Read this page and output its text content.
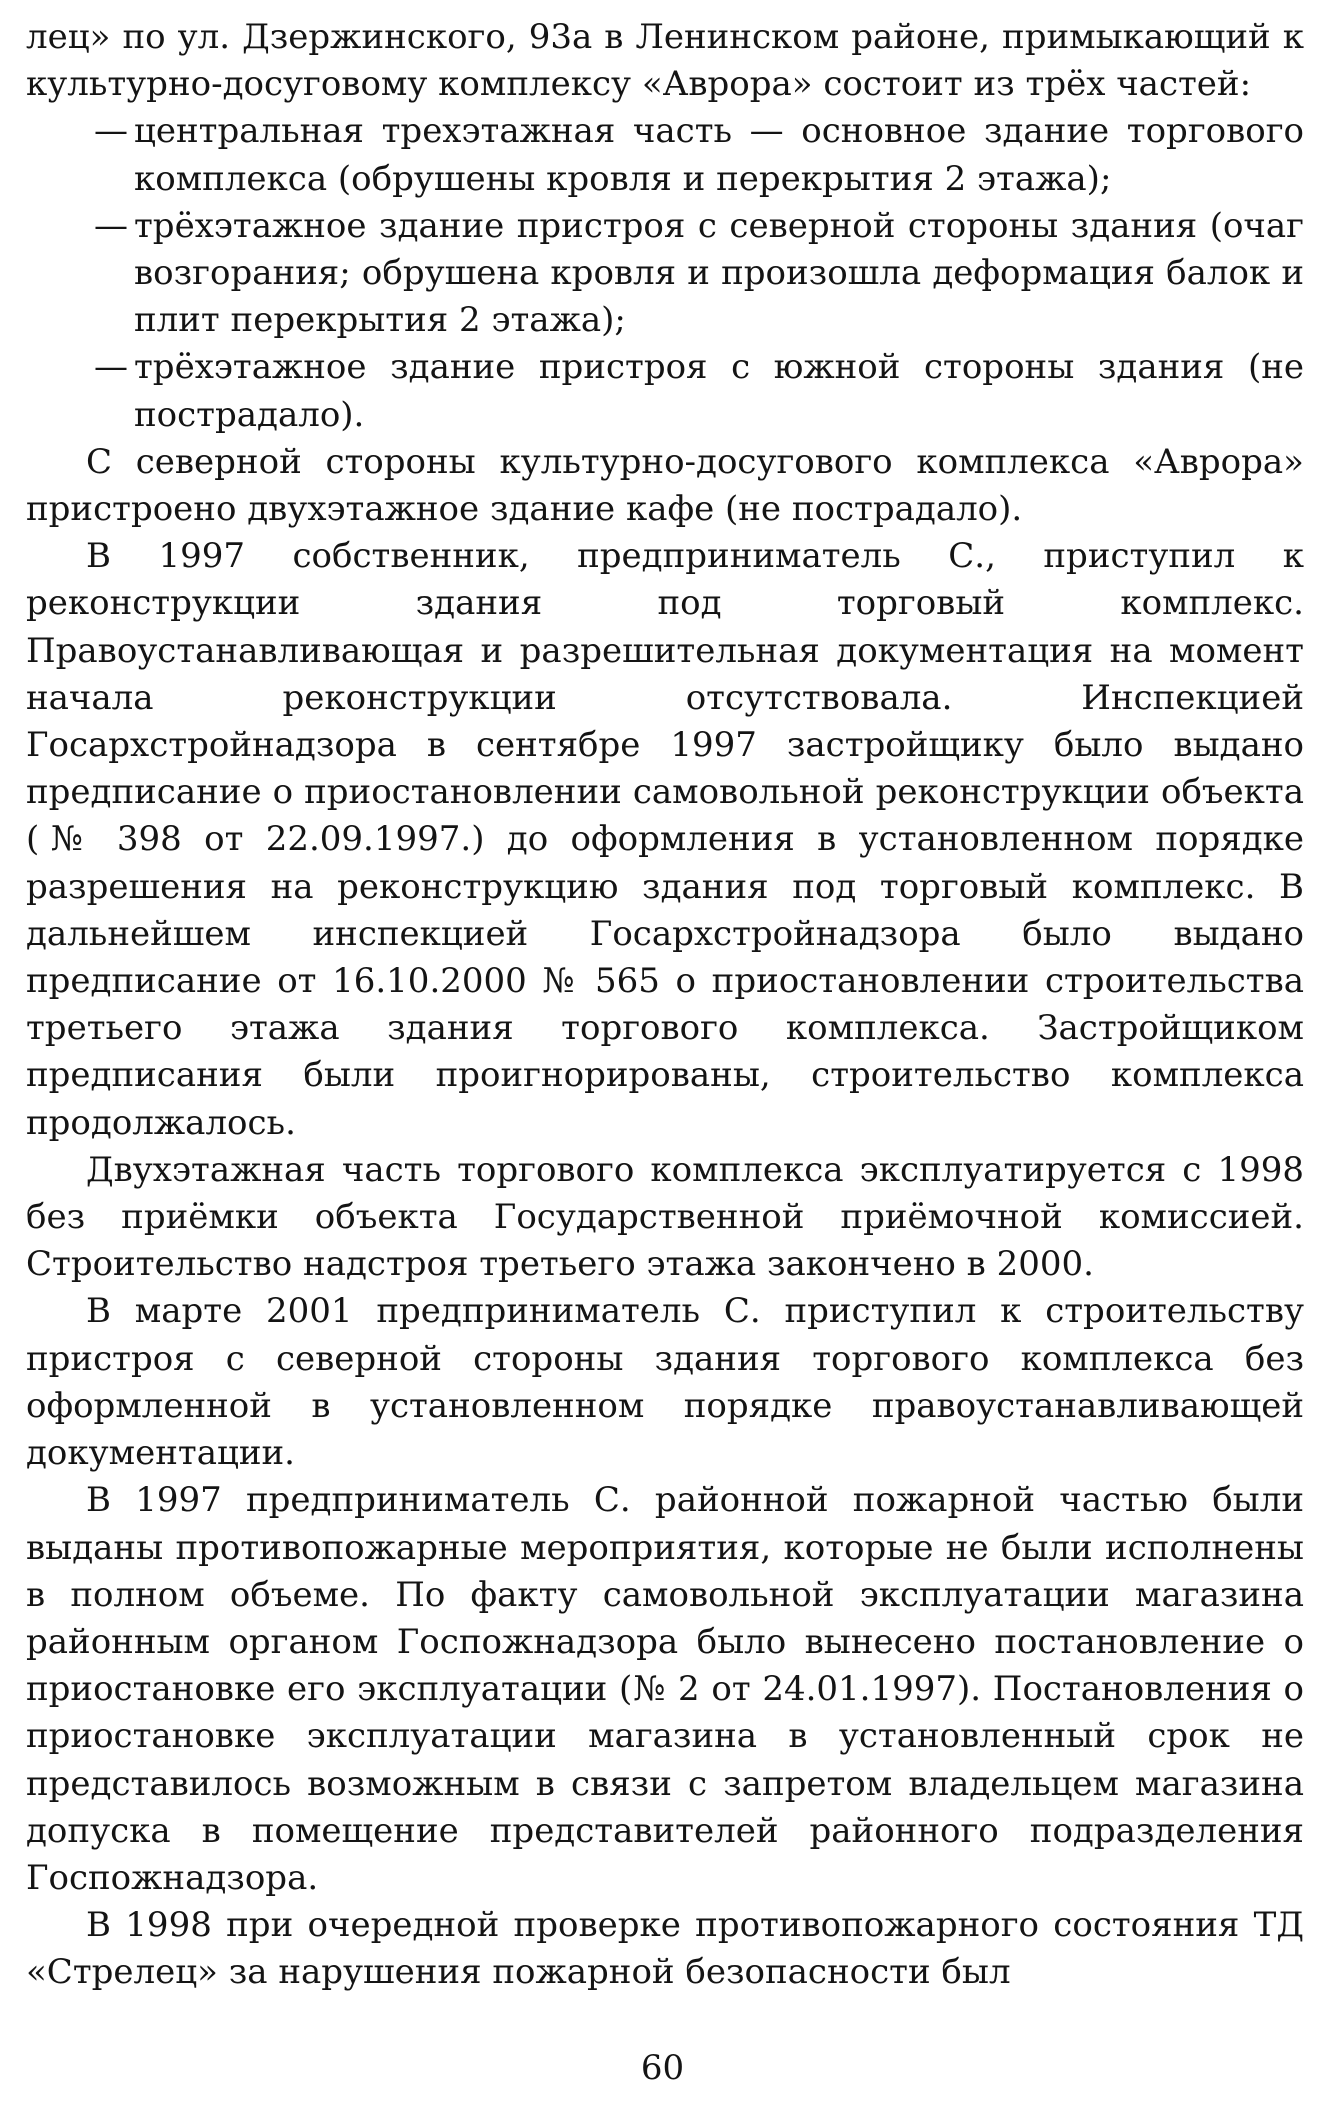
лец» по ул. Дзержинского, 93а в Ленинском районе, примыкающий к культурно-досуговому комплексу «Аврора» состоит из трёх частей:

— центральная трехэтажная часть — основное здание торгового комплекса (обрушены кровля и перекрытия 2 этажа);

— трёхэтажное здание пристроя с северной стороны здания (очаг возгорания; обрушена кровля и произошла деформация балок и плит перекрытия 2 этажа);

— трёхэтажное здание пристроя с южной стороны здания (не пострадало).

С северной стороны культурно-досугового комплекса «Аврора» пристроено двухэтажное здание кафе (не пострадало).

В 1997 собственник, предприниматель С., приступил к реконструкции здания под торговый комплекс. Правоустанавливающая и разрешительная документация на момент начала реконструкции отсутствовала. Инспекцией Госархстройнадзора в сентябре 1997 застройщику было выдано предписание о приостановлении самовольной реконструкции объекта (№ 398 от 22.09.1997.) до оформления в установленном порядке разрешения на реконструкцию здания под торговый комплекс. В дальнейшем инспекцией Госархстройнадзора было выдано предписание от 16.10.2000 № 565 о приостановлении строительства третьего этажа здания торгового комплекса. Застройщиком предписания были проигнорированы, строительство комплекса продолжалось.

Двухэтажная часть торгового комплекса эксплуатируется с 1998 без приёмки объекта Государственной приёмочной комиссией. Строительство надстроя третьего этажа закончено в 2000.

В марте 2001 предприниматель С. приступил к строительству пристроя с северной стороны здания торгового комплекса без оформленной в установленном порядке правоустанавливающей документации.

В 1997 предприниматель С. районной пожарной частью были выданы противопожарные мероприятия, которые не были исполнены в полном объеме. По факту самовольной эксплуатации магазина районным органом Госпожнадзора было вынесено постановление о приостановке его эксплуатации (№ 2 от 24.01.1997). Постановления о приостановке эксплуатации магазина в установленный срок не представилось возможным в связи с запретом владельцем магазина допуска в помещение представителей районного подразделения Госпожнадзора.

В 1998 при очередной проверке противопожарного состояния ТД «Стрелец» за нарушения пожарной безопасности был

60
